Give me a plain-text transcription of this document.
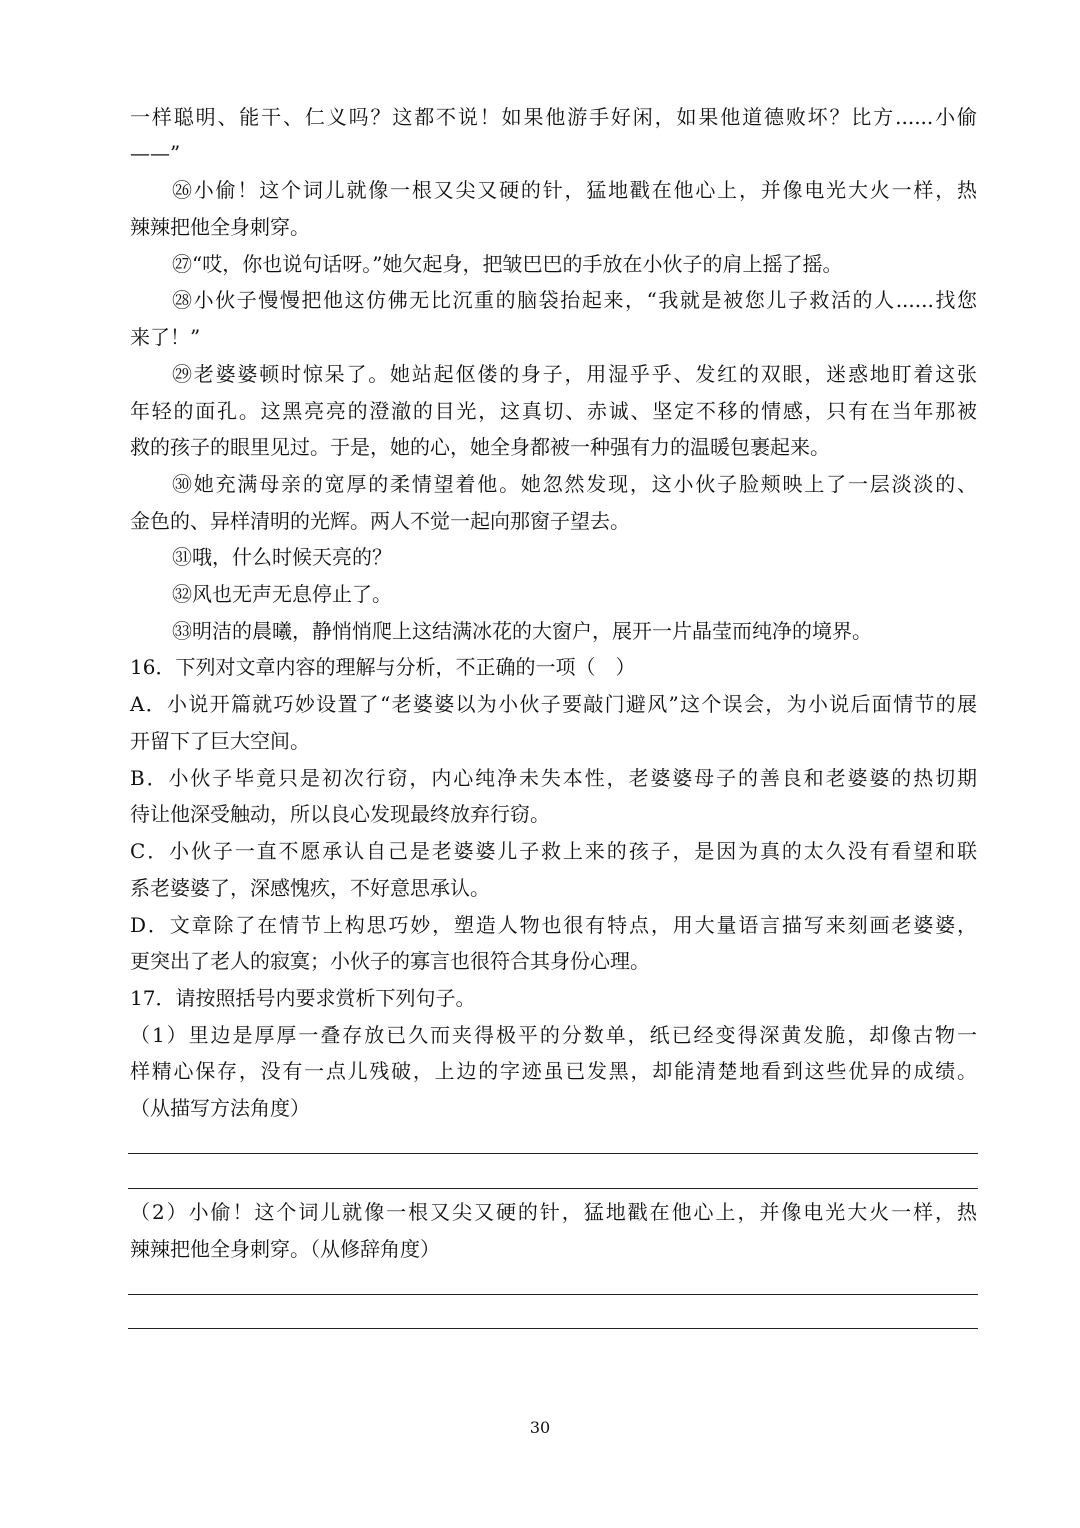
一样聪明、能干、仁义吗？这都不说！如果他游手好闲，如果他道德败坏？比方......小偷
——”
㉖小偷！这个词儿就像一根又尖又硬的针，猛地戳在他心上，并像电光大火一样，热
辣辣把他全身刺穿。
㉗“哎，你也说句话呀。”她欠起身，把皱巴巴的手放在小伙子的肩上摇了摇。
㉘小伙子慢慢把他这仿佛无比沉重的脑袋抬起来，“我就是被您儿子救活的人......找您
来了！”
㉙老婆婆顿时惊呆了。她站起伛偻的身子，用湿乎乎、发红的双眼，迷惑地盯着这张
年轻的面孔。这黑亮亮的澄澈的目光，这真切、赤诚、坚定不移的情感，只有在当年那被
救的孩子的眼里见过。于是，她的心，她全身都被一种强有力的温暖包裹起来。
㉚她充满母亲的宽厚的柔情望着他。她忽然发现，这小伙子脸颊映上了一层淡淡的、
金色的、异样清明的光辉。两人不觉一起向那窗子望去。
㉛哦，什么时候天亮的？
㉜风也无声无息停止了。
㉝明洁的晨曦，静悄悄爬上这结满冰花的大窗户，展开一片晶莹而纯净的境界。
16．下列对文章内容的理解与分析，不正确的一项（　）
A．小说开篇就巧妙设置了“老婆婆以为小伙子要敲门避风”这个误会，为小说后面情节的展
开留下了巨大空间。
B．小伙子毕竟只是初次行窃，内心纯净未失本性，老婆婆母子的善良和老婆婆的热切期
待让他深受触动，所以良心发现最终放弃行窃。
C．小伙子一直不愿承认自己是老婆婆儿子救上来的孩子，是因为真的太久没有看望和联
系老婆婆了，深感愧疚，不好意思承认。
D．文章除了在情节上构思巧妙，塑造人物也很有特点，用大量语言描写来刻画老婆婆，
更突出了老人的寂寞；小伙子的寡言也很符合其身份心理。
17．请按照括号内要求赏析下列句子。
（1）里边是厚厚一叠存放已久而夹得极平的分数单，纸已经变得深黄发脆，却像古物一
样精心保存，没有一点儿残破，上边的字迹虽已发黑，却能清楚地看到这些优异的成绩。
（从描写方法角度）
（2）小偷！这个词儿就像一根又尖又硬的针，猛地戳在他心上，并像电光大火一样，热
辣辣把他全身刺穿。（从修辞角度）
30
